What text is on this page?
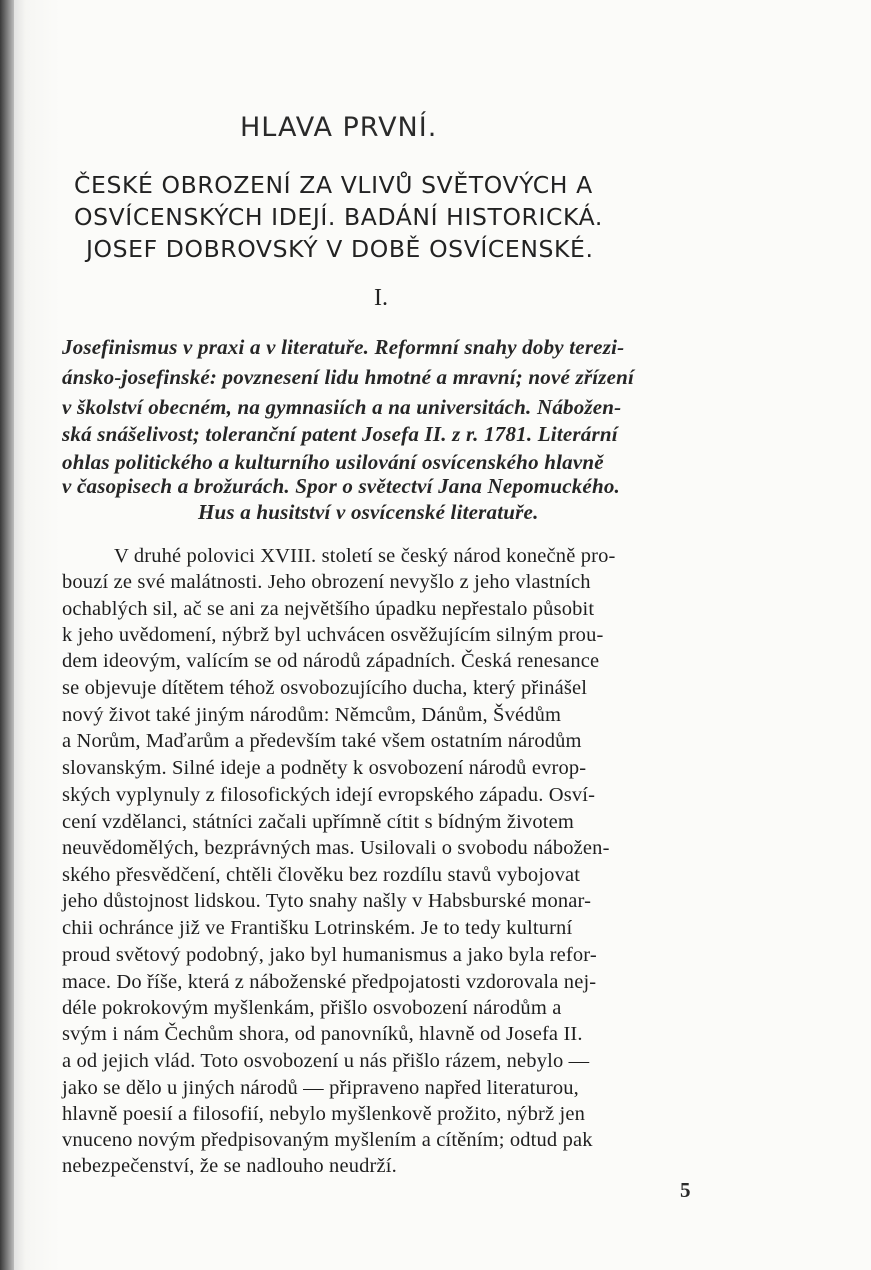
HLAVA PRVNÍ.
ČESKÉ OBROZENÍ ZA VLIVŮ SVĚTOVÝCH A
OSVÍCENSKÝCH IDEJÍ. BADÁNÍ HISTORICKÁ.
JOSEF DOBROVSKÝ V DOBĚ OSVÍCENSKÉ.
I.
Josefinismus v praxi a v literatuře. Reformní snahy doby terezi-
ánsko-josefinské: povznesení lidu hmotné a mravní; nové zřízení
v školství obecném, na gymnasiích a na universitách. Nábožen-
ská snášelivost; toleranční patent Josefa II. z r. 1781. Literární
ohlas politického a kulturního usilování osvícenského hlavně
v časopisech a brožurách. Spor o světectví Jana Nepomuckého.
Hus a husitství v osvícenské literatuře.
V druhé polovici XVIII. století se český národ konečně pro-
bouzí ze své malátnosti. Jeho obrození nevyšlo z jeho vlastních
ochablých sil, ač se ani za největšího úpadku nepřestalo působit
k jeho uvědomení, nýbrž byl uchvácen osvěžujícím silným prou-
dem ideovým, valícím se od národů západních. Česká renesance
se objevuje dítětem téhož osvobozujícího ducha, který přinášel
nový život také jiným národům: Němcům, Dánům, Švédům
a Norům, Maďarům a především také všem ostatním národům
slovanským. Silné ideje a podněty k osvobození národů evrop-
ských vyplynuly z filosofických idejí evropského západu. Osví-
cení vzdělanci, státníci začali upřímně cítit s bídným životem
neuvědomělých, bezprávných mas. Usilovali o svobodu nábožen-
ského přesvědčení, chtěli člověku bez rozdílu stavů vybojovat
jeho důstojnost lidskou. Tyto snahy našly v Habsburské monar-
chii ochránce již ve Františku Lotrinském. Je to tedy kulturní
proud světový podobný, jako byl humanismus a jako byla refor-
mace. Do říše, která z náboženské předpojatosti vzdorovala nej-
déle pokrokovým myšlenkám, přišlo osvobození národům a
svým i nám Čechům shora, od panovníků, hlavně od Josefa II.
a od jejich vlád. Toto osvobození u nás přišlo rázem, nebylo —
jako se dělo u jiných národů — připraveno napřed literaturou,
hlavně poesií a filosofií, nebylo myšlenkově prožito, nýbrž jen
vnuceno novým předpisovaným myšlením a cítěním; odtud pak
nebezpečenství, že se nadlouho neudrží.
5
